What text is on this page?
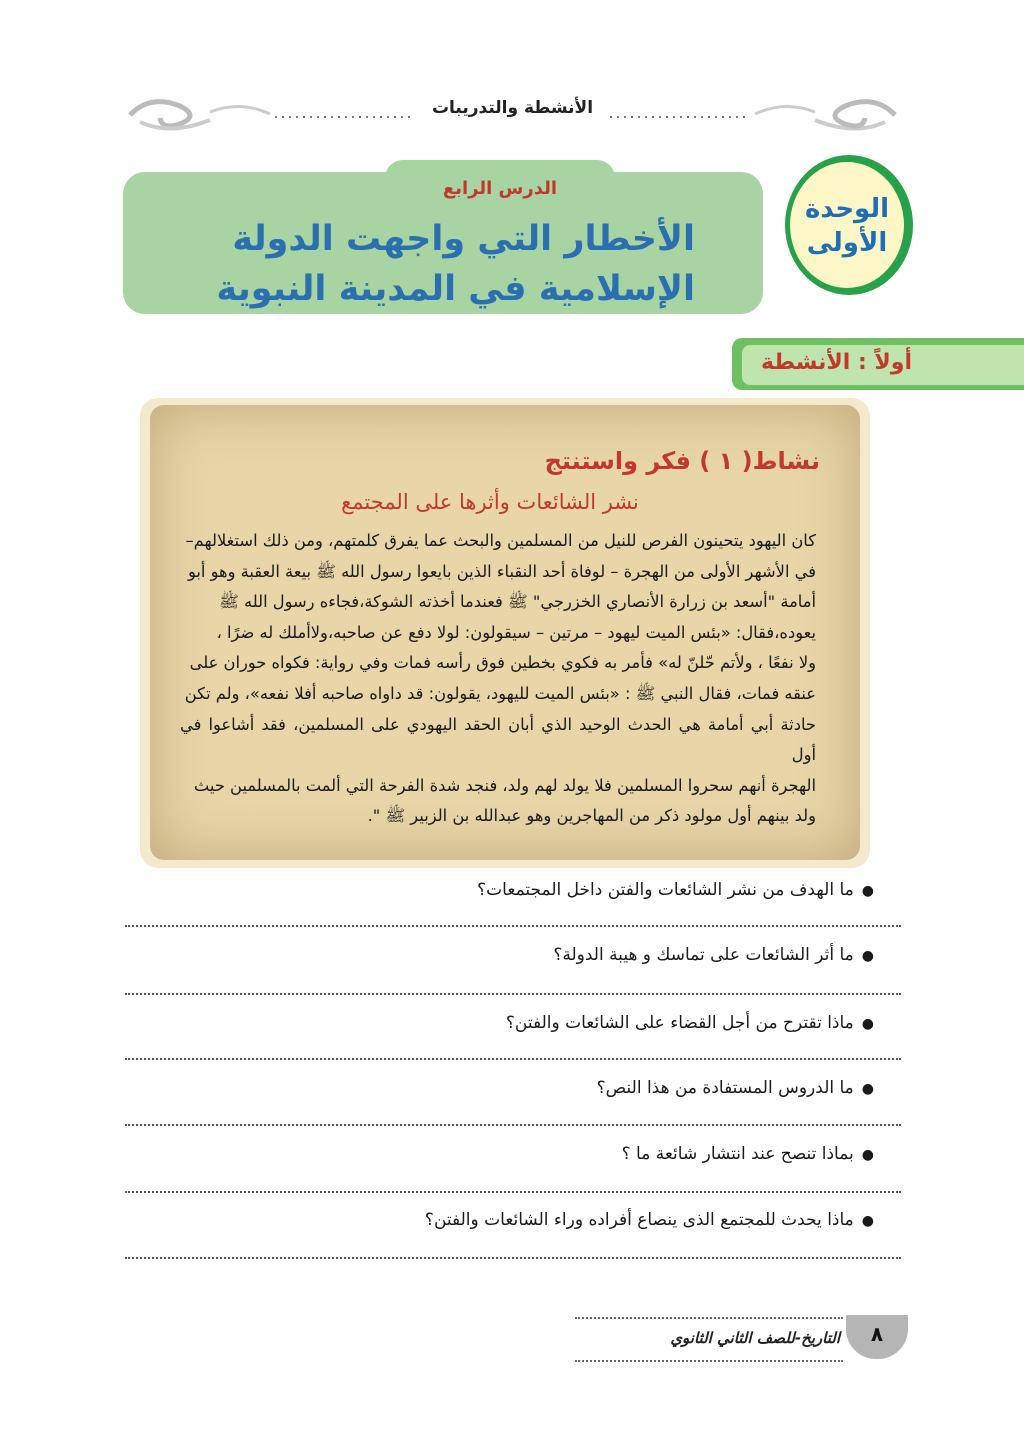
الأنشطة والتدريبات
الدرس الرابع
الأخطار التي واجهت الدولة
الإسلامية في المدينة النبوية
الوحدة
الأولى
أولاً : الأنشطة
نشاط( ١ ) فكر واستنتج
نشر الشائعات وأثرها على المجتمع
كان اليهود يتحينون الفرص للنيل من المسلمين والبحث عما يفرق كلمتهم، ومن ذلك استغلالهم–
في الأشهر الأولى من الهجرة – لوفاة أحد النقباء الذين بايعوا رسول الله ﷺ بيعة العقبة وهو أبو
أمامة "أسعد بن زرارة الأنصاري الخزرجي" ﷺ فعندما أخذته الشوكة،فجاءه رسول الله ﷺ
يعوده،فقال: «بئس الميت ليهود – مرتين – سيقولون: لولا دفع عن صاحبه،ولاأملك له ضرًا ،
ولا نفعًا ، ولأتم حّلنّ له» فأمر به فكوي بخطين فوق رأسه فمات وفي رواية: فكواه حوران على
عنقه فمات، فقال النبي ﷺ : «بئس الميت لليهود، يقولون: قد داواه صاحبه أفلا نفعه»، ولم تكن
حادثة أبي أمامة هي الحدث الوحيد الذي أبان الحقد اليهودي على المسلمين، فقد أشاعوا في أول
الهجرة أنهم سحروا المسلمين فلا يولد لهم ولد، فنجد شدة الفرحة التي ألمت بالمسلمين حيث
ولد بينهم أول مولود ذكر من المهاجرين وهو عبدالله بن الزبير ﷺ ".
●ما الهدف من نشر الشائعات والفتن داخل المجتمعات؟
●ما أثر الشائعات على تماسك و هيبة الدولة؟
●ماذا تقترح من أجل القضاء على الشائعات والفتن؟
●ما الدروس المستفادة من هذا النص؟
●بماذا تنصح عند انتشار شائعة ما ؟
●ماذا يحدث للمجتمع الذى ينصاع أفراده وراء الشائعات والفتن؟
التاريخ-للصف الثاني الثانوي	٨
